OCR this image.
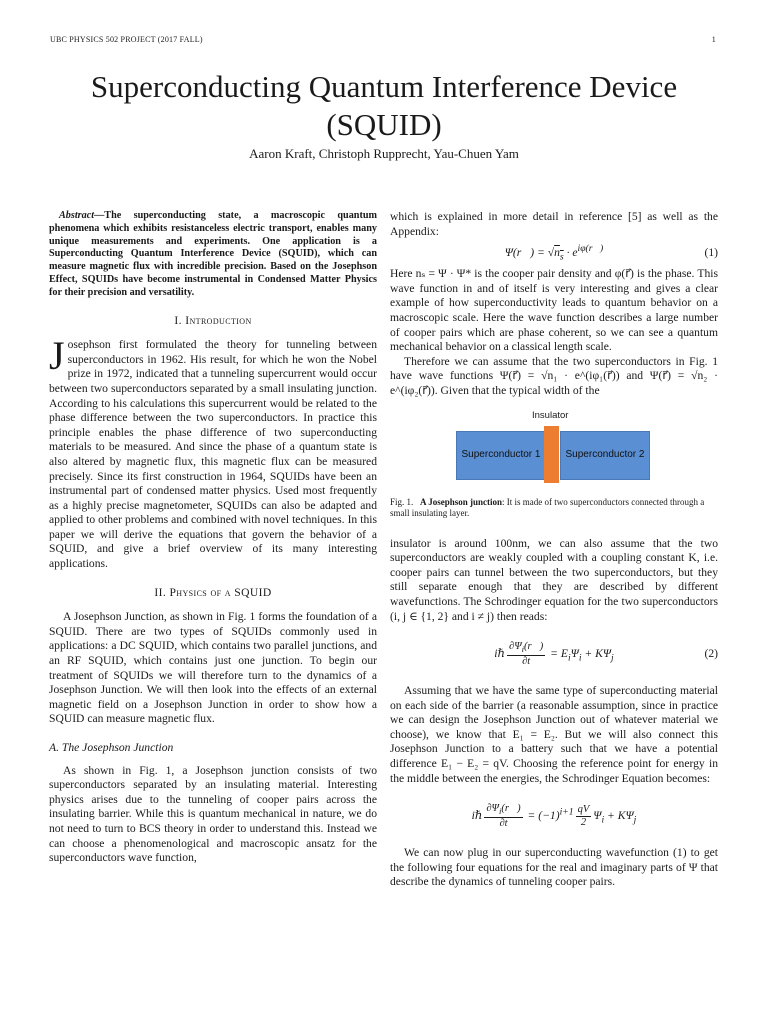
UBC PHYSICS 502 PROJECT (2017 FALL)	1
Superconducting Quantum Interference Device (SQUID)
Aaron Kraft, Christoph Rupprecht, Yau-Chuen Yam

Abstract—The superconducting state, a macroscopic quantum phenomena which exhibits resistanceless electric transport, enables many unique measurements and experiments. One application is a Superconducting Quantum Interference Device (SQUID), which can measure magnetic flux with incredible precision. Based on the Josephson Effect, SQUIDs have become instrumental in Condensed Matter Physics for their precision and versatility.

I. Introduction

Josephson first formulated the theory for tunneling between superconductors in 1962. His result, for which he won the Nobel prize in 1972, indicated that a tunneling supercurrent would occur between two superconductors separated by a small insulating junction. According to his calculations this supercurrent would be related to the phase difference between the two superconductors. In practice this principle enables the phase difference of two superconducting materials to be measured. And since the phase of a quantum state is also altered by magnetic flux, this magnetic flux can be measured precisely. Since its first construction in 1964, SQUIDs have been an instrumental part of condensed matter physics. Used most frequently as a highly precise magnetometer, SQUIDs can also be adapted and applied to other problems and combined with novel techniques. In this paper we will derive the equations that govern the behavior of a SQUID, and give a brief overview of its many interesting applications.

II. Physics of a SQUID

A Josephson Junction, as shown in Fig. 1 forms the foundation of a SQUID. There are two types of SQUIDs commonly used in applications: a DC SQUID, which contains two parallel junctions, and an RF SQUID, which contains just one junction. To begin our treatment of SQUIDs we will therefore turn to the dynamics of a Josephson Junction. We will then look into the effects of an external magnetic field on a Josephson Junction in order to show how a SQUID can measure magnetic flux.

A. The Josephson Junction

As shown in Fig. 1, a Josephson junction consists of two superconductors separated by an insulating material. Interesting physics arises due to the tunneling of cooper pairs across the insulating barrier. While this is quantum mechanical in nature, we do not need to turn to BCS theory in order to understand this. Instead we can choose a phenomenological and macroscopic ansatz for the superconductors wave function,

which is explained in more detail in reference [5] as well as the Appendix:

Ψ(r⃗) = $√n_s \cdot e^{i\varphi(r⃗)}$	(1)

Here nₛ = Ψ · Ψ* is the cooper pair density and φ(r⃗) is the phase. This wave function in and of itself is very interesting and gives a clear example of how superconductivity leads to quantum behavior on a macroscopic scale. Here the wave function describes a large number of cooper pairs which are phase coherent, so we can see a quantum mechanical behavior on a classical length scale.

Therefore we can assume that the two superconductors in Fig. 1 have wave functions Ψ(r⃗) = √n₁ · e^(iφ₁(r⃗)) and Ψ(r⃗) = √n₂ · e^(iφ₂(r⃗)). Given that the typical width of the

Insulator
Superconductor 1	Superconductor 2
Fig. 1. A Josephson junction: It is made of two superconductors connected through a small insulating layer.

insulator is around 100nm, we can also assume that the two superconductors are weakly coupled with a coupling constant K, i.e. cooper pairs can tunnel between the two superconductors, but they still separate enough that they are described by different wavefunctions. The Schrodinger equation for the two superconductors (i, j ∈ {1, 2} and i ≠ j) then reads:

iℏ $\frac{\partial\Psi_i(r⃗)}{\partial t} = E_i\Psi_i + K\Psi_j$	(2)

Assuming that we have the same type of superconducting material on each side of the barrier (a reasonable assumption, since in practice we can design the Josephson Junction out of whatever material we choose), we know that E₁ = E₂. But we will also connect this Josephson Junction to a battery such that we have a potential difference E₁ − E₂ = qV. Choosing the reference point for energy in the middle between the energies, the Schrodinger Equation becomes:

iℏ $\frac{\partial\Psi_i(r⃗)}{\partial t} = (-1)^{i+1} \frac{qV}{2} \Psi_i + K\Psi_j$

We can now plug in our superconducting wavefunction (1) to get the following four equations for the real and imaginary parts of Ψ that describe the dynamics of tunneling cooper pairs.
